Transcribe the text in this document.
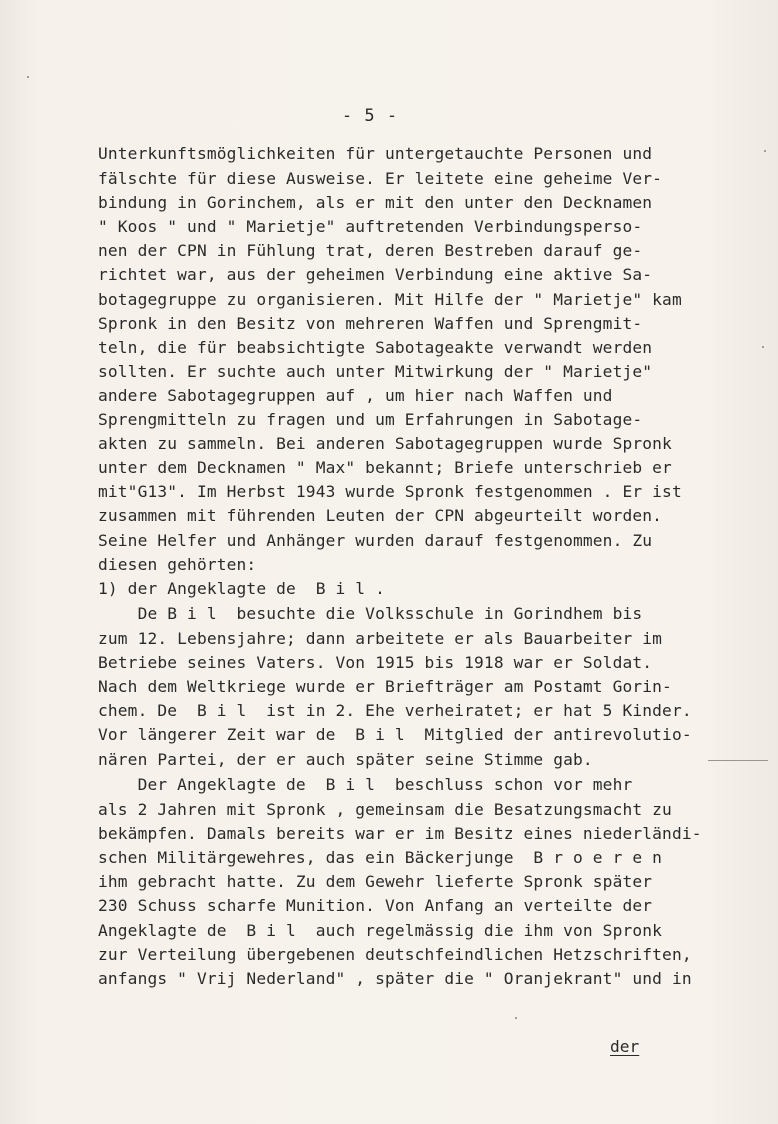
- 5 -
Unterkunftsmöglichkeiten für untergetauchte Personen und
fälschte für diese Ausweise. Er leitete eine geheime Ver-
bindung in Gorinchem, als er mit den unter den Decknamen
" Koos " und " Marietje" auftretenden Verbindungsperso-
nen der CPN in Fühlung trat, deren Bestreben darauf ge-
richtet war, aus der geheimen Verbindung eine aktive Sa-
botagegruppe zu organisieren. Mit Hilfe der " Marietje" kam
Spronk in den Besitz von mehreren Waffen und Sprengmit-
teln, die für beabsichtigte Sabotageakte verwandt werden
sollten. Er suchte auch unter Mitwirkung der " Marietje"
andere Sabotagegruppen auf , um hier nach Waffen und
Sprengmitteln zu fragen und um Erfahrungen in Sabotage-
akten zu sammeln. Bei anderen Sabotagegruppen wurde Spronk
unter dem Decknamen " Max" bekannt; Briefe unterschrieb er
mit"G13". Im Herbst 1943 wurde Spronk festgenommen . Er ist
zusammen mit führenden Leuten der CPN abgeurteilt worden.
Seine Helfer und Anhänger wurden darauf festgenommen. Zu
diesen gehörten:
1) der Angeklagte de  B i l .
De B i l  besuchte die Volksschule in Gorindhem bis
zum 12. Lebensjahre; dann arbeitete er als Bauarbeiter im
Betriebe seines Vaters. Von 1915 bis 1918 war er Soldat.
Nach dem Weltkriege wurde er Briefträger am Postamt Gorin-
chem. De  B i l  ist in 2. Ehe verheiratet; er hat 5 Kinder.
Vor längerer Zeit war de  B i l  Mitglied der antirevolutio-
nären Partei, der er auch später seine Stimme gab.
Der Angeklagte de  B i l  beschluss schon vor mehr
als 2 Jahren mit Spronk , gemeinsam die Besatzungsmacht zu
bekämpfen. Damals bereits war er im Besitz eines niederländi-
schen Militärgewehres, das ein Bäckerjunge  B r o e r e n
ihm gebracht hatte. Zu dem Gewehr lieferte Spronk später
230 Schuss scharfe Munition. Von Anfang an verteilte der
Angeklagte de  B i l  auch regelmässig die ihm von Spronk
zur Verteilung übergebenen deutschfeindlichen Hetzschriften,
anfangs " Vrij Nederland" , später die " Oranjekrant" und in
der
